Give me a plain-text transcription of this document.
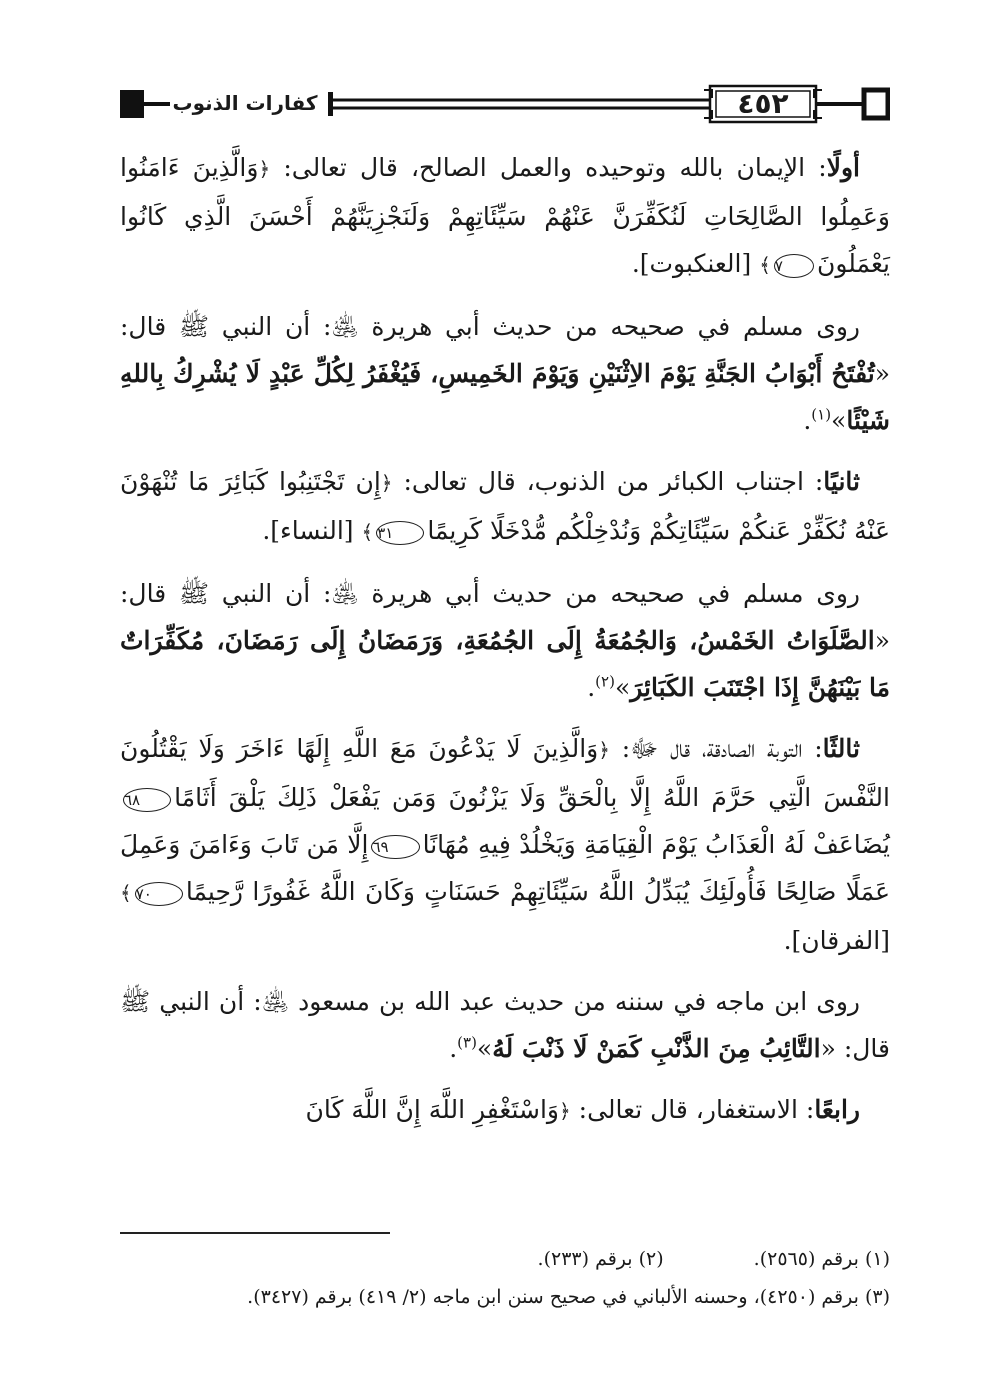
كفارات الذنوب	٤٥٢

أولًا: الإيمان بالله وتوحيده والعمل الصالح، قال تعالى: ﴿وَالَّذِينَ ءَامَنُوا وَعَمِلُوا الصَّالِحَاتِ لَنُكَفِّرَنَّ عَنْهُمْ سَيِّئَاتِهِمْ وَلَنَجْزِيَنَّهُمْ أَحْسَنَ الَّذِي كَانُوا يَعْمَلُونَ٧﴾ [العنكبوت].

روى مسلم في صحيحه من حديث أبي هريرة ﵁: أن النبي ﷺ قال: «تُفْتَحُ أَبْوَابُ الجَنَّةِ يَوْمَ الاِثْنَيْنِ وَيَوْمَ الخَمِيسِ، فَيُغْفَرُ لِكُلِّ عَبْدٍ لَا يُشْرِكُ بِاللهِ شَيْئًا»$^{(١)}$.

ثانيًا: اجتناب الكبائر من الذنوب، قال تعالى: ﴿إِن تَجْتَنِبُوا كَبَائِرَ مَا تُنْهَوْنَ عَنْهُ نُكَفِّرْ عَنكُمْ سَيِّئَاتِكُمْ وَنُدْخِلْكُم مُّدْخَلًا كَرِيمًا٣١﴾ [النساء].

روى مسلم في صحيحه من حديث أبي هريرة ﵁: أن النبي ﷺ قال: «الصَّلَوَاتُ الخَمْسُ، وَالجُمُعَةُ إِلَى الجُمُعَةِ، وَرَمَضَانُ إِلَى رَمَضَانَ، مُكَفِّرَاتٌ مَا بَيْنَهُنَّ إِذَا اجْتَنَبَ الكَبَائِرَ»$^{(٢)}$.

ثالثًا: التوبة الصادقة، قال ﷻ: ﴿وَالَّذِينَ لَا يَدْعُونَ مَعَ اللَّهِ إِلَهًا ءَاخَرَ وَلَا يَقْتُلُونَ النَّفْسَ الَّتِي حَرَّمَ اللَّهُ إِلَّا بِالْحَقِّ وَلَا يَزْنُونَ وَمَن يَفْعَلْ ذَلِكَ يَلْقَ أَثَامًا٦٨يُضَاعَفْ لَهُ الْعَذَابُ يَوْمَ الْقِيَامَةِ وَيَخْلُدْ فِيهِ مُهَانًا٦٩إِلَّا مَن تَابَ وَءَامَنَ وَعَمِلَ عَمَلًا صَالِحًا فَأُولَئِكَ يُبَدِّلُ اللَّهُ سَيِّئَاتِهِمْ حَسَنَاتٍ وَكَانَ اللَّهُ غَفُورًا رَّحِيمًا٧٠﴾ [الفرقان].

روى ابن ماجه في سننه من حديث عبد الله بن مسعود ﵁: أن النبي ﷺ قال: «التَّائِبُ مِنَ الذَّنْبِ كَمَنْ لَا ذَنْبَ لَهُ»$^{(٣)}$.

رابعًا: الاستغفار، قال تعالى: ﴿وَاسْتَغْفِرِ اللَّهَ إِنَّ اللَّهَ كَانَ

(١) برقم (٢٥٦٥).
(٢) برقم (٢٣٣).
(٣) برقم (٤٢٥٠)، وحسنه الألباني في صحيح سنن ابن ماجه (٢/ ٤١٩) برقم (٣٤٢٧).
